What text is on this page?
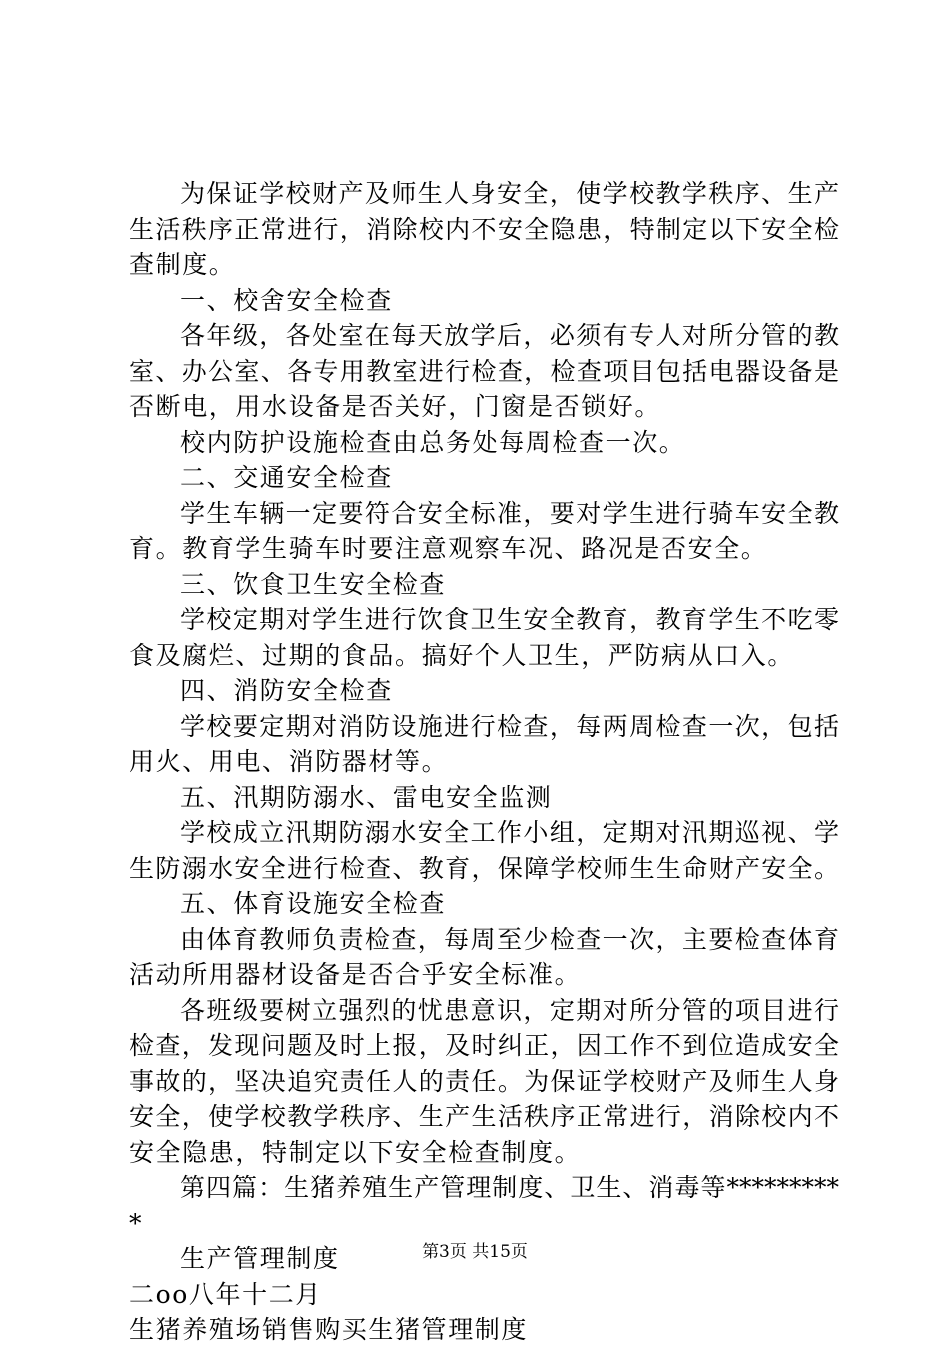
为保证学校财产及师生人身安全，使学校教学秩序、生产
生活秩序正常进行，消除校内不安全隐患，特制定以下安全检
查制度。
一、校舍安全检查
各年级，各处室在每天放学后，必须有专人对所分管的教
室、办公室、各专用教室进行检查，检查项目包括电器设备是
否断电，用水设备是否关好，门窗是否锁好。
校内防护设施检查由总务处每周检查一次。
二、交通安全检查
学生车辆一定要符合安全标准，要对学生进行骑车安全教
育。教育学生骑车时要注意观察车况、路况是否安全。
三、饮食卫生安全检查
学校定期对学生进行饮食卫生安全教育，教育学生不吃零
食及腐烂、过期的食品。搞好个人卫生，严防病从口入。
四、消防安全检查
学校要定期对消防设施进行检查，每两周检查一次，包括
用火、用电、消防器材等。
五、汛期防溺水、雷电安全监测
学校成立汛期防溺水安全工作小组，定期对汛期巡视、学
生防溺水安全进行检查、教育，保障学校师生生命财产安全。
五、体育设施安全检查
由体育教师负责检查，每周至少检查一次，主要检查体育
活动所用器材设备是否合乎安全标准。
各班级要树立强烈的忧患意识，定期对所分管的项目进行
检查，发现问题及时上报，及时纠正，因工作不到位造成安全
事故的，坚决追究责任人的责任。为保证学校财产及师生人身
安全，使学校教学秩序、生产生活秩序正常进行，消除校内不
安全隐患，特制定以下安全检查制度。
第四篇：生猪养殖生产管理制度、卫生、消毒等*********
*
生产管理制度
二oo八年十二月
生猪养殖场销售购买生猪管理制度
第3页 共15页
